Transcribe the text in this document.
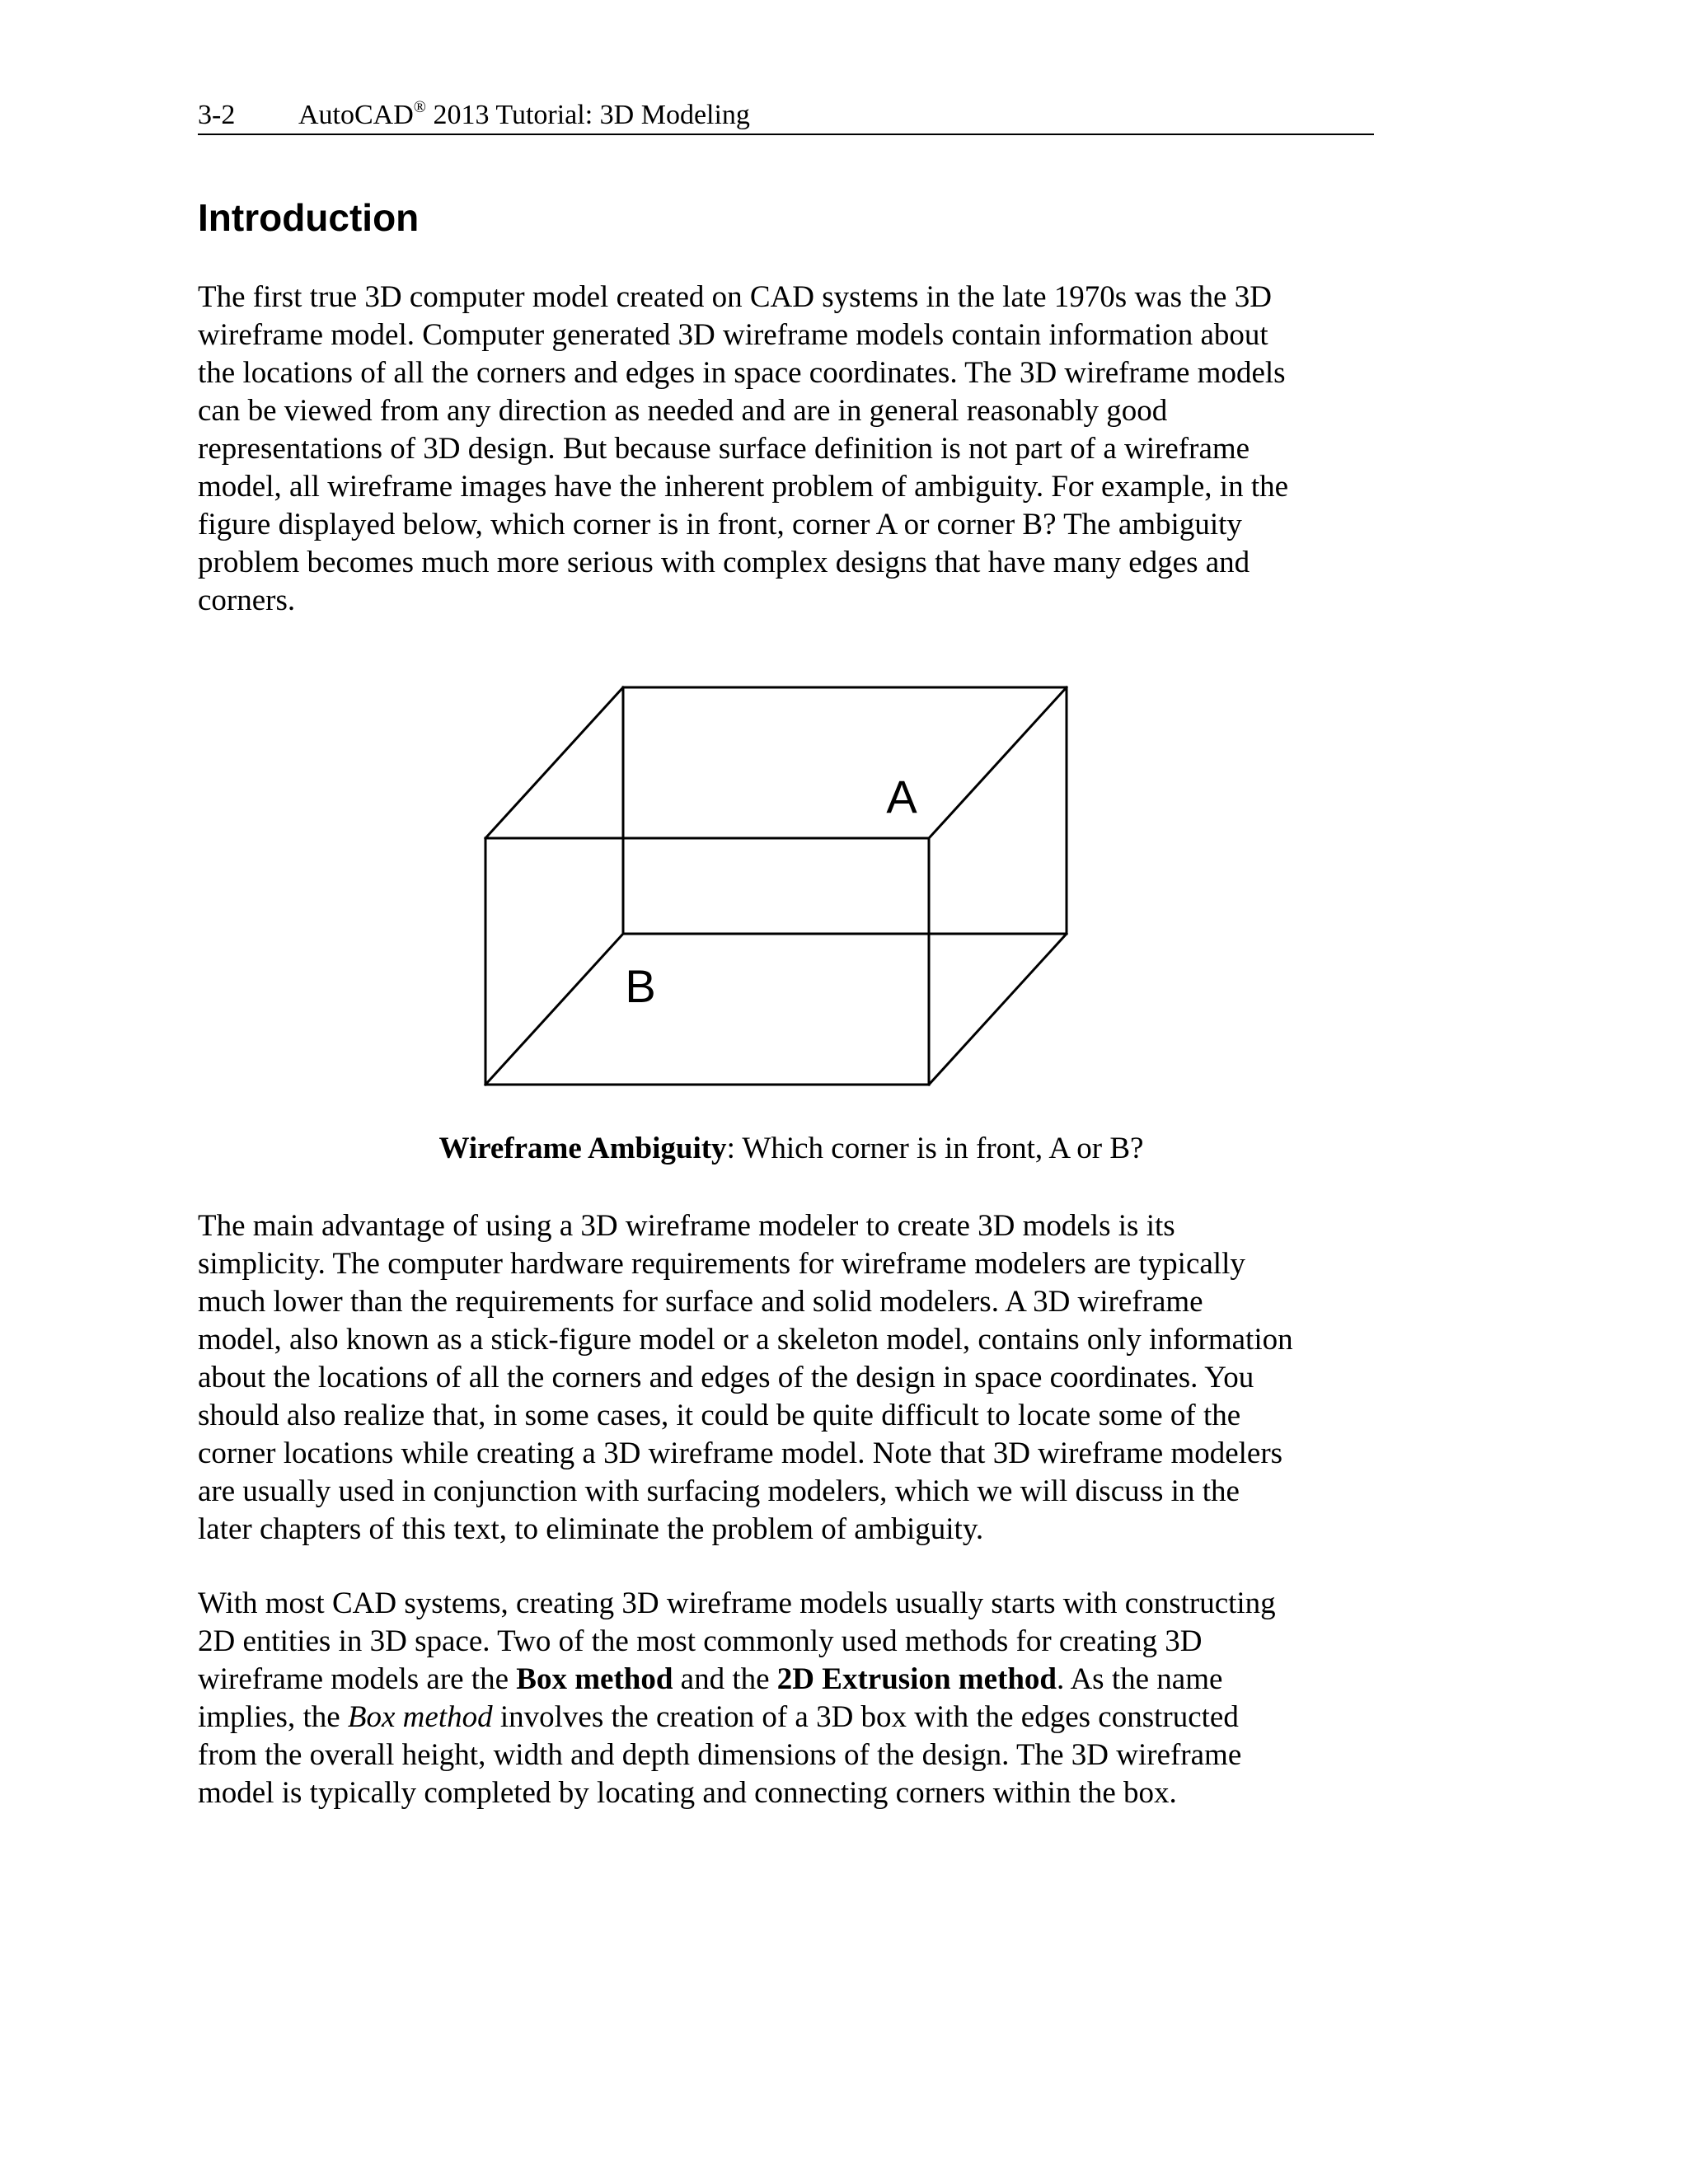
3-2 AutoCAD® 2013 Tutorial: 3D Modeling
Introduction
The first true 3D computer model created on CAD systems in the late 1970s was the 3D
wireframe model. Computer generated 3D wireframe models contain information about
the locations of all the corners and edges in space coordinates. The 3D wireframe models
can be viewed from any direction as needed and are in general reasonably good
representations of 3D design. But because surface definition is not part of a wireframe
model, all wireframe images have the inherent problem of ambiguity. For example, in the
figure displayed below, which corner is in front, corner A or corner B? The ambiguity
problem becomes much more serious with complex designs that have many edges and
corners.
A
B

Wireframe Ambiguity: Which corner is in front, A or B?

The main advantage of using a 3D wireframe modeler to create 3D models is its
simplicity. The computer hardware requirements for wireframe modelers are typically
much lower than the requirements for surface and solid modelers. A 3D wireframe
model, also known as a stick-figure model or a skeleton model, contains only information
about the locations of all the corners and edges of the design in space coordinates. You
should also realize that, in some cases, it could be quite difficult to locate some of the
corner locations while creating a 3D wireframe model. Note that 3D wireframe modelers
are usually used in conjunction with surfacing modelers, which we will discuss in the
later chapters of this text, to eliminate the problem of ambiguity.
With most CAD systems, creating 3D wireframe models usually starts with constructing
2D entities in 3D space. Two of the most commonly used methods for creating 3D
wireframe models are the Box method and the 2D Extrusion method. As the name
implies, the Box method involves the creation of a 3D box with the edges constructed
from the overall height, width and depth dimensions of the design. The 3D wireframe
model is typically completed by locating and connecting corners within the box.
